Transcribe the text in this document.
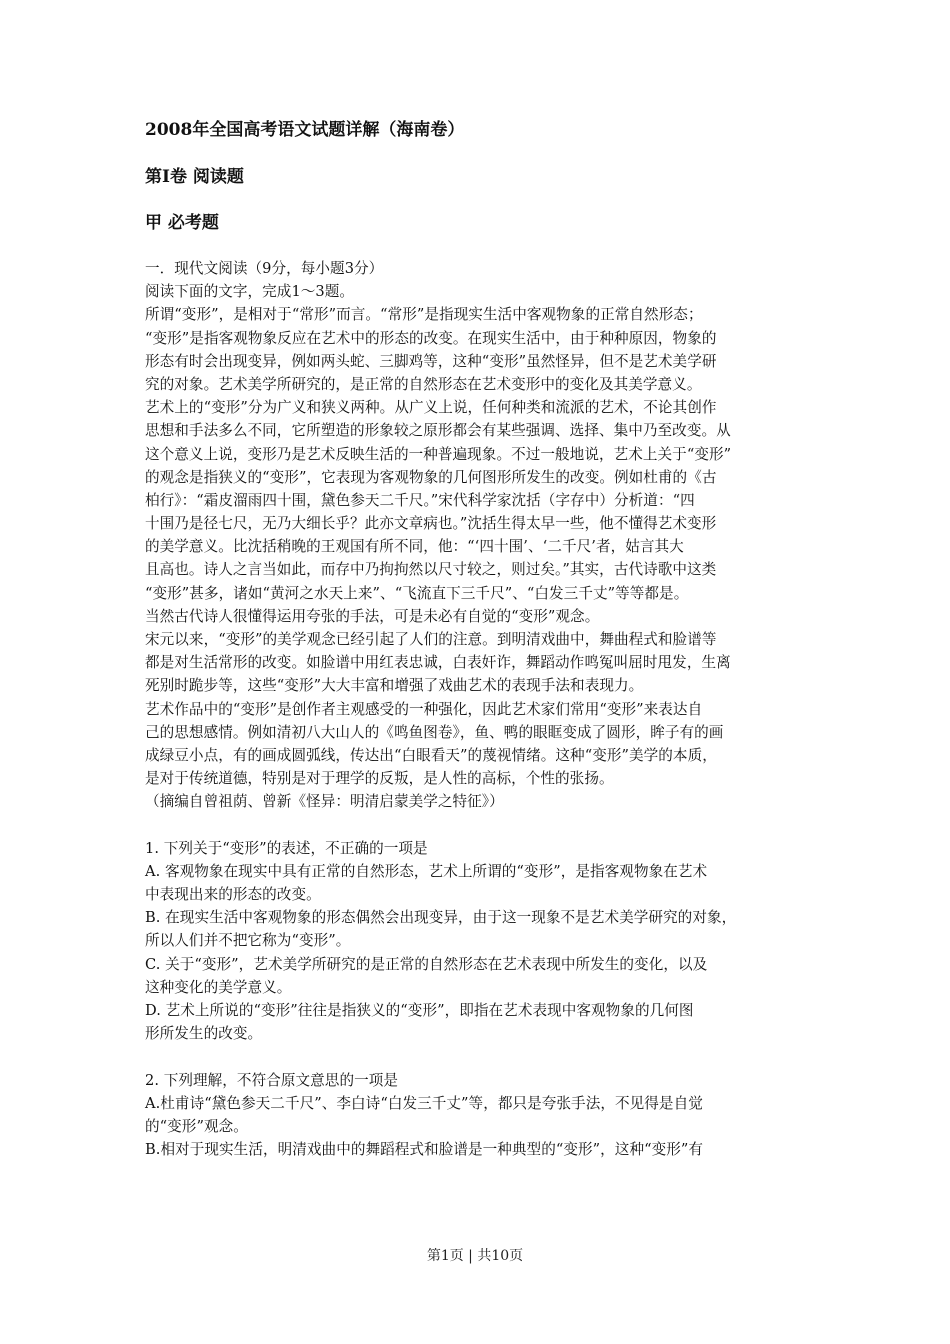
2008年全国高考语文试题详解（海南卷）
第Ⅰ卷 阅读题
甲 必考题
一．现代文阅读（9分，每小题3分）
阅读下面的文字，完成1～3题。
所谓“变形”，是相对于“常形”而言。“常形”是指现实生活中客观物象的正常自然形态；
“变形”是指客观物象反应在艺术中的形态的改变。在现实生活中，由于种种原因，物象的
形态有时会出现变异，例如两头蛇、三脚鸡等，这种“变形”虽然怪异，但不是艺术美学研
究的对象。艺术美学所研究的，是正常的自然形态在艺术变形中的变化及其美学意义。
艺术上的“变形”分为广义和狭义两种。从广义上说，任何种类和流派的艺术，不论其创作
思想和手法多么不同，它所塑造的形象较之原形都会有某些强调、选择、集中乃至改变。从
这个意义上说，变形乃是艺术反映生活的一种普遍现象。不过一般地说，艺术上关于“变形”
的观念是指狭义的“变形”，它表现为客观物象的几何图形所发生的改变。例如杜甫的《古
柏行》：“霜皮溜雨四十围，黛色参天二千尺。”宋代科学家沈括（字存中）分析道：“四
十围乃是径七尺，无乃大细长乎？此亦文章病也。”沈括生得太早一些，他不懂得艺术变形
的美学意义。比沈括稍晚的王观国有所不同，他：“‘四十围’、‘二千尺’者，姑言其大
且高也。诗人之言当如此，而存中乃拘拘然以尺寸较之，则过矣。”其实，古代诗歌中这类
“变形”甚多，诸如“黄河之水天上来”、“飞流直下三千尺”、“白发三千丈”等等都是。
当然古代诗人很懂得运用夸张的手法，可是未必有自觉的“变形”观念。
宋元以来，“变形”的美学观念已经引起了人们的注意。到明清戏曲中，舞曲程式和脸谱等
都是对生活常形的改变。如脸谱中用红表忠诚，白表奸诈，舞蹈动作鸣冤叫屈时甩发，生离
死别时跪步等，这些“变形”大大丰富和增强了戏曲艺术的表现手法和表现力。
艺术作品中的“变形”是创作者主观感受的一种强化，因此艺术家们常用“变形”来表达自
己的思想感情。例如清初八大山人的《鸣鱼图卷》，鱼、鸭的眼眶变成了圆形，眸子有的画
成绿豆小点，有的画成圆弧线，传达出“白眼看天”的蔑视情绪。这种“变形”美学的本质，
是对于传统道德，特别是对于理学的反叛，是人性的高标，个性的张扬。
（摘编自曾祖荫、曾新《怪异：明清启蒙美学之特征》）
1. 下列关于“变形”的表述，不正确的一项是
A. 客观物象在现实中具有正常的自然形态，艺术上所谓的“变形”，是指客观物象在艺术
中表现出来的形态的改变。
B. 在现实生活中客观物象的形态偶然会出现变异，由于这一现象不是艺术美学研究的对象，
所以人们并不把它称为“变形”。
C. 关于“变形”，艺术美学所研究的是正常的自然形态在艺术表现中所发生的变化，以及
这种变化的美学意义。
D. 艺术上所说的“变形”往往是指狭义的“变形”，即指在艺术表现中客观物象的几何图
形所发生的改变。
2. 下列理解，不符合原文意思的一项是
A.杜甫诗“黛色参天二千尺”、李白诗“白发三千丈”等，都只是夸张手法，不见得是自觉
的“变形”观念。
B.相对于现实生活，明清戏曲中的舞蹈程式和脸谱是一种典型的“变形”，这种“变形”有
第1页 | 共10页
